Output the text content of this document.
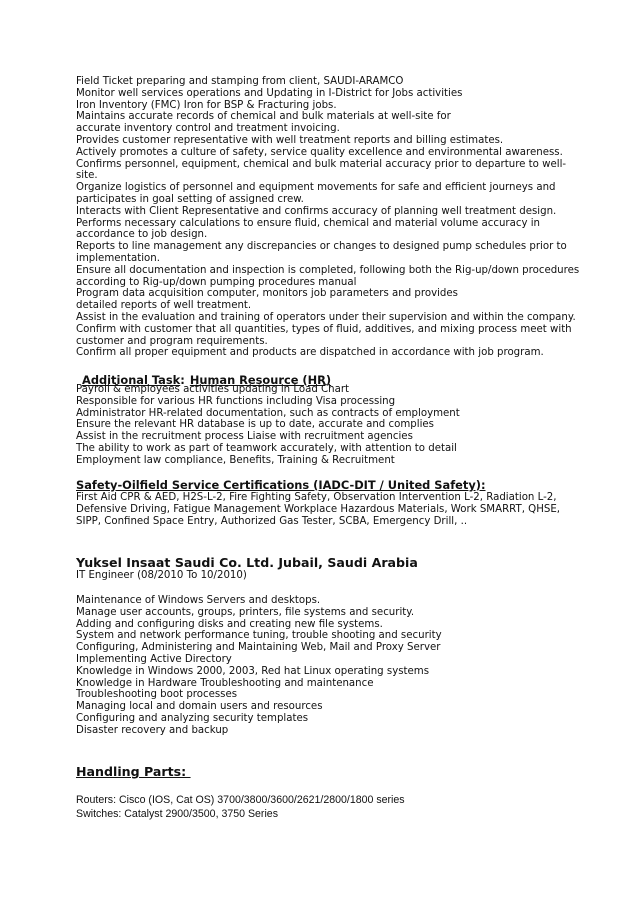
Field Ticket preparing and stamping from client, SAUDI-ARAMCO
Monitor well services operations and Updating in I-District for Jobs activities
Iron Inventory (FMC) Iron for BSP & Fracturing jobs.
Maintains accurate records of chemical and bulk materials at well-site for
accurate inventory control and treatment invoicing.
Provides customer representative with well treatment reports and billing estimates.
Actively promotes a culture of safety, service quality excellence and environmental awareness.
Confirms personnel, equipment, chemical and bulk material accuracy prior to departure to well-
site.
Organize logistics of personnel and equipment movements for safe and efficient journeys and
participates in goal setting of assigned crew.
Interacts with Client Representative and confirms accuracy of planning well treatment design.
Performs necessary calculations to ensure fluid, chemical and material volume accuracy in
accordance to job design.
Reports to line management any discrepancies or changes to designed pump schedules prior to
implementation.
Ensure all documentation and inspection is completed, following both the Rig-up/down procedures
according to Rig-up/down pumping procedures manual
Program data acquisition computer, monitors job parameters and provides
detailed reports of well treatment.
Assist in the evaluation and training of operators under their supervision and within the company.
Confirm with customer that all quantities, types of fluid, additives, and mixing process meet with
customer and program requirements.
Confirm all proper equipment and products are dispatched in accordance with job program.
Additional Task: Human Resource (HR)
Payroll & employees activities updating in Load Chart
Responsible for various HR functions including Visa processing
Administrator HR-related documentation, such as contracts of employment
Ensure the relevant HR database is up to date, accurate and complies
Assist in the recruitment process Liaise with recruitment agencies
The ability to work as part of teamwork accurately, with attention to detail
Employment law compliance, Benefits, Training & Recruitment
Safety-Oilfield Service Certifications (IADC-DIT / United Safety):
First Aid CPR & AED, H2S-L-2, Fire Fighting Safety, Observation Intervention L-2, Radiation L-2,
Defensive Driving, Fatigue Management Workplace Hazardous Materials, Work SMARRT, QHSE,
SIPP, Confined Space Entry, Authorized Gas Tester, SCBA, Emergency Drill, ..
Yuksel Insaat Saudi Co. Ltd. Jubail, Saudi Arabia
IT Engineer (08/2010 To 10/2010)
Maintenance of Windows Servers and desktops.
Manage user accounts, groups, printers, file systems and security.
Adding and configuring disks and creating new file systems.
System and network performance tuning, trouble shooting and security
Configuring, Administering and Maintaining Web, Mail and Proxy Server
Implementing Active Directory
Knowledge in Windows 2000, 2003, Red hat Linux operating systems
Knowledge in Hardware Troubleshooting and maintenance
Troubleshooting boot processes
Managing local and domain users and resources
Configuring and analyzing security templates
Disaster recovery and backup
Handling Parts:
Routers: Cisco (IOS, Cat OS) 3700/3800/3600/2621/2800/1800 series
Switches: Catalyst 2900/3500, 3750 Series
